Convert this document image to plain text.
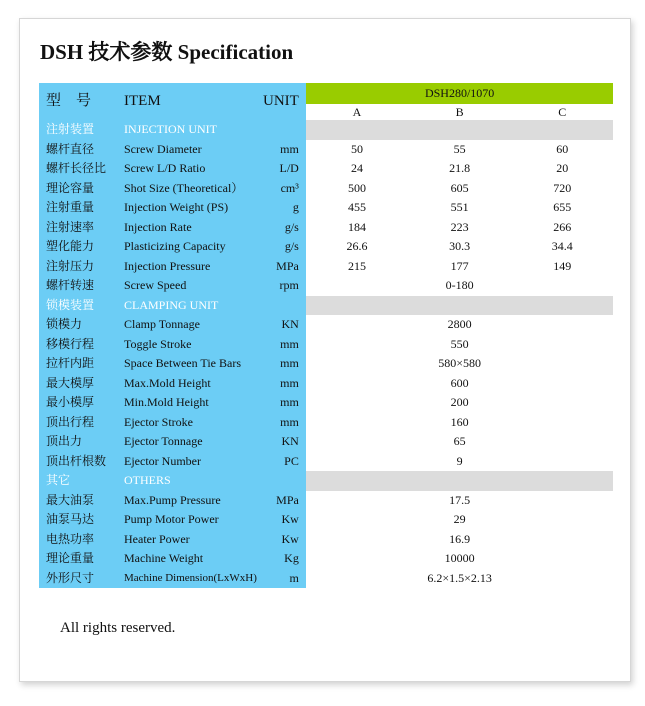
DSH 技术参数 Specification
型　号	ITEM	UNIT	DSH280/1070		
			A	B	C
注射装置	INJECTION UNIT				
螺杆直径	Screw Diameter	mm	50	55	60
螺杆长径比	Screw L/D Ratio	L/D	24	21.8	20
理论容量	Shot Size (Theoretical）	cm³	500	605	720
注射重量	Injection Weight (PS)	g	455	551	655
注射速率	Injection Rate	g/s	184	223	266
塑化能力	Plasticizing Capacity	g/s	26.6	30.3	34.4
注射压力	Injection Pressure	MPa	215	177	149
螺杆转速	Screw Speed	rpm	0-180		
锁模装置	CLAMPING UNIT				
锁模力	Clamp Tonnage	KN	2800		
移模行程	Toggle Stroke	mm	550		
拉杆内距	Space Between Tie Bars	mm	580×580		
最大模厚	Max.Mold Height	mm	600		
最小模厚	Min.Mold Height	mm	200		
顶出行程	Ejector Stroke	mm	160		
顶出力	Ejector Tonnage	KN	65		
顶出杆根数	Ejector Number	PC	9		
其它	OTHERS				
最大油泵	Max.Pump Pressure	MPa	17.5		
油泵马达	Pump Motor Power	Kw	29		
电热功率	Heater Power	Kw	16.9		
理论重量	Machine Weight	Kg	10000		
外形尺寸	Machine Dimension(LxWxH)	m	6.2×1.5×2.13		
All rights reserved.
